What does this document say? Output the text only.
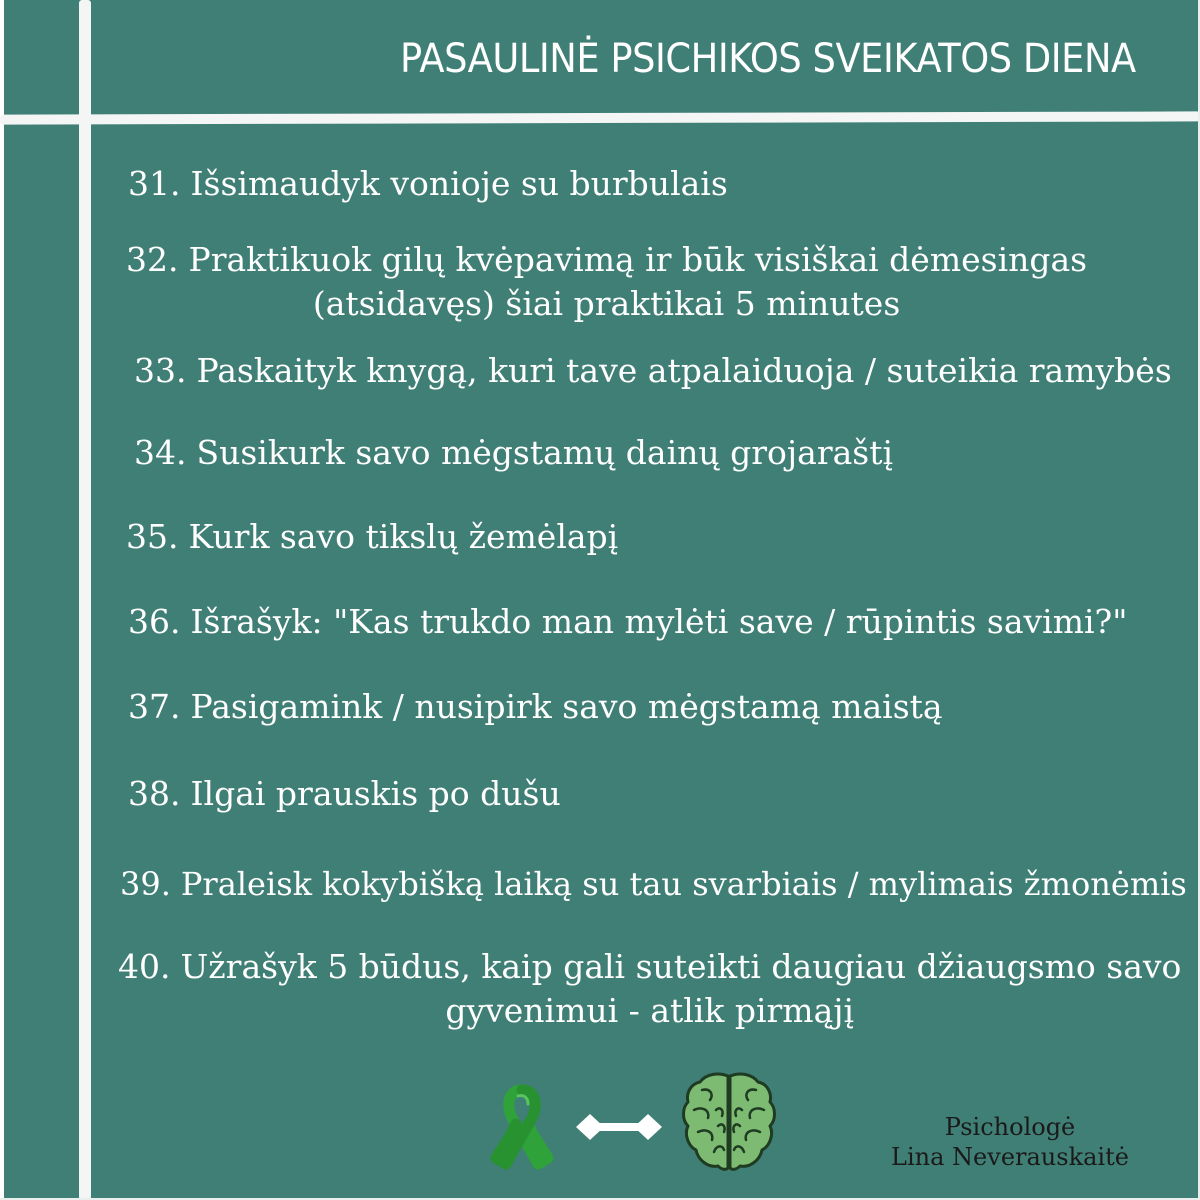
PASAULINĖ PSICHIKOS SVEIKATOS DIENA
31. Išsimaudyk vonioje su burbulais
32. Praktikuok gilų kvėpavimą ir būk visiškai dėmesingas
(atsidavęs) šiai praktikai 5 minutes
33. Paskaityk knygą, kuri tave atpalaiduoja / suteikia ramybės
34. Susikurk savo mėgstamų dainų grojaraštį
35. Kurk savo tikslų žemėlapį
36. Išrašyk: "Kas trukdo man mylėti save / rūpintis savimi?"
37. Pasigamink / nusipirk savo mėgstamą maistą
38. Ilgai prauskis po dušu
39. Praleisk kokybišką laiką su tau svarbiais / mylimais žmonėmis
40. Užrašyk 5 būdus, kaip gali suteikti daugiau džiaugsmo savo
gyvenimui - atlik pirmąjį
Psichologė
Lina Neverauskaitė
